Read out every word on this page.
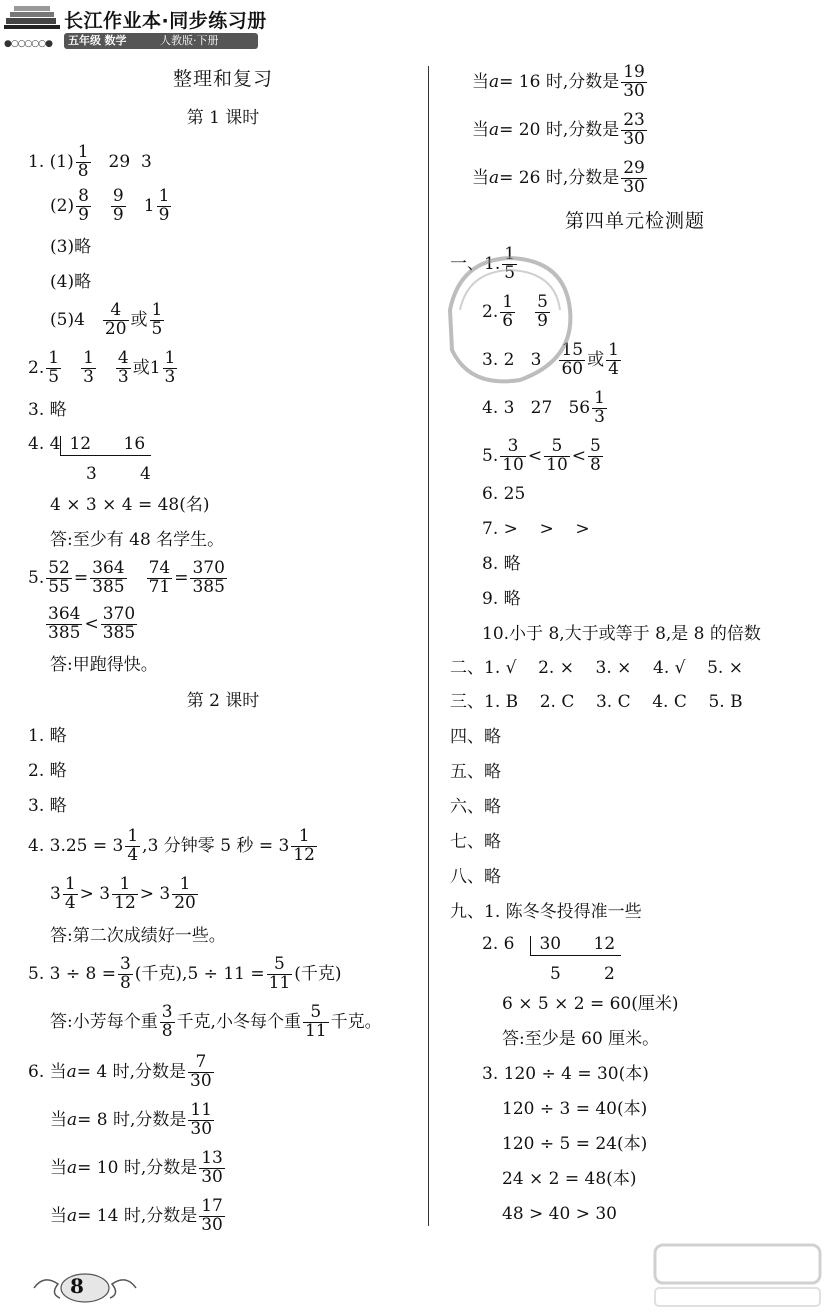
长江作业本·同步练习册
●○○○○○●	五年级 数学	人教版·下册
整理和复习
第 1 课时
1. $(1) \frac{1}{8} 29$  3
$(2) \frac{8}{9} \frac{9}{9} 1 \frac{1}{9}$
(3)略
(4)略
$(5)4 \frac{4}{20}$ 或 $\frac{1}{5}$
2. $\frac{1}{5} \frac{1}{3} \frac{4}{3}$ 或$1 \frac{1}{3}$
3. 略
4. 4 12      16
3        4
4 × 3 × 4 = 48(名)
答:至少有 48 名学生。
5. $\frac{52}{55} = \frac{364}{385} \frac{74}{71} = \frac{370}{385}$
$\frac{364}{385} < \frac{370}{385}$
答:甲跑得快。
第 2 课时
1. 略
2. 略
3. 略
4. $3.25 = 3 \frac{1}{4} ,3$ 分钟零 5 秒 = $3 \frac{1}{12}$
$3 \frac{1}{4} > 3 \frac{1}{12} > 3 \frac{1}{20}$
答:第二次成绩好一些。
5. $3 \div 8 = \frac{3}{8}$ (千克)$,5 \div 11 = \frac{5}{11}$ (千克)
答:小芳每个重 $\frac{3}{8}$ 千克,小冬每个重 $\frac{5}{11}$ 千克。
6. 当a= 4 时,分数是 $\frac{7}{30}$
当a= 8 时,分数是 $\frac{11}{30}$
当a= 10 时,分数是 $\frac{13}{30}$
当a= 14 时,分数是 $\frac{17}{30}$
当a= 16 时,分数是 $\frac{19}{30}$
当a= 20 时,分数是 $\frac{23}{30}$
当a= 26 时,分数是 $\frac{29}{30}$
第四单元检测题
一、1. $\frac{1}{5}$
2. $\frac{1}{6} \frac{5}{9}$
3. 2   $3 \frac{15}{60}$ 或 $\frac{1}{4}$
4. 3   27   $56 \frac{1}{3}$
5. $\frac{3}{10} < \frac{5}{10} < \frac{5}{8}$
6. 25
7. >    >    >
8. 略
9. 略
10.小于 8,大于或等于 8,是 8 的倍数
二、1. √    2. ×    3. ×    4. √    5. ×
三、1. B    2. C    3. C    4. C    5. B
四、略
五、略
六、略
七、略
八、略
九、1. 陈冬冬投得准一些
2. 6 30      12
5        2
6 × 5 × 2 = 60(厘米)
答:至少是 60 厘米。
3. 120 ÷ 4 = 30(本)
120 ÷ 3 = 40(本)
120 ÷ 5 = 24(本)
24 × 2 = 48(本)
48 > 40 > 30
8
